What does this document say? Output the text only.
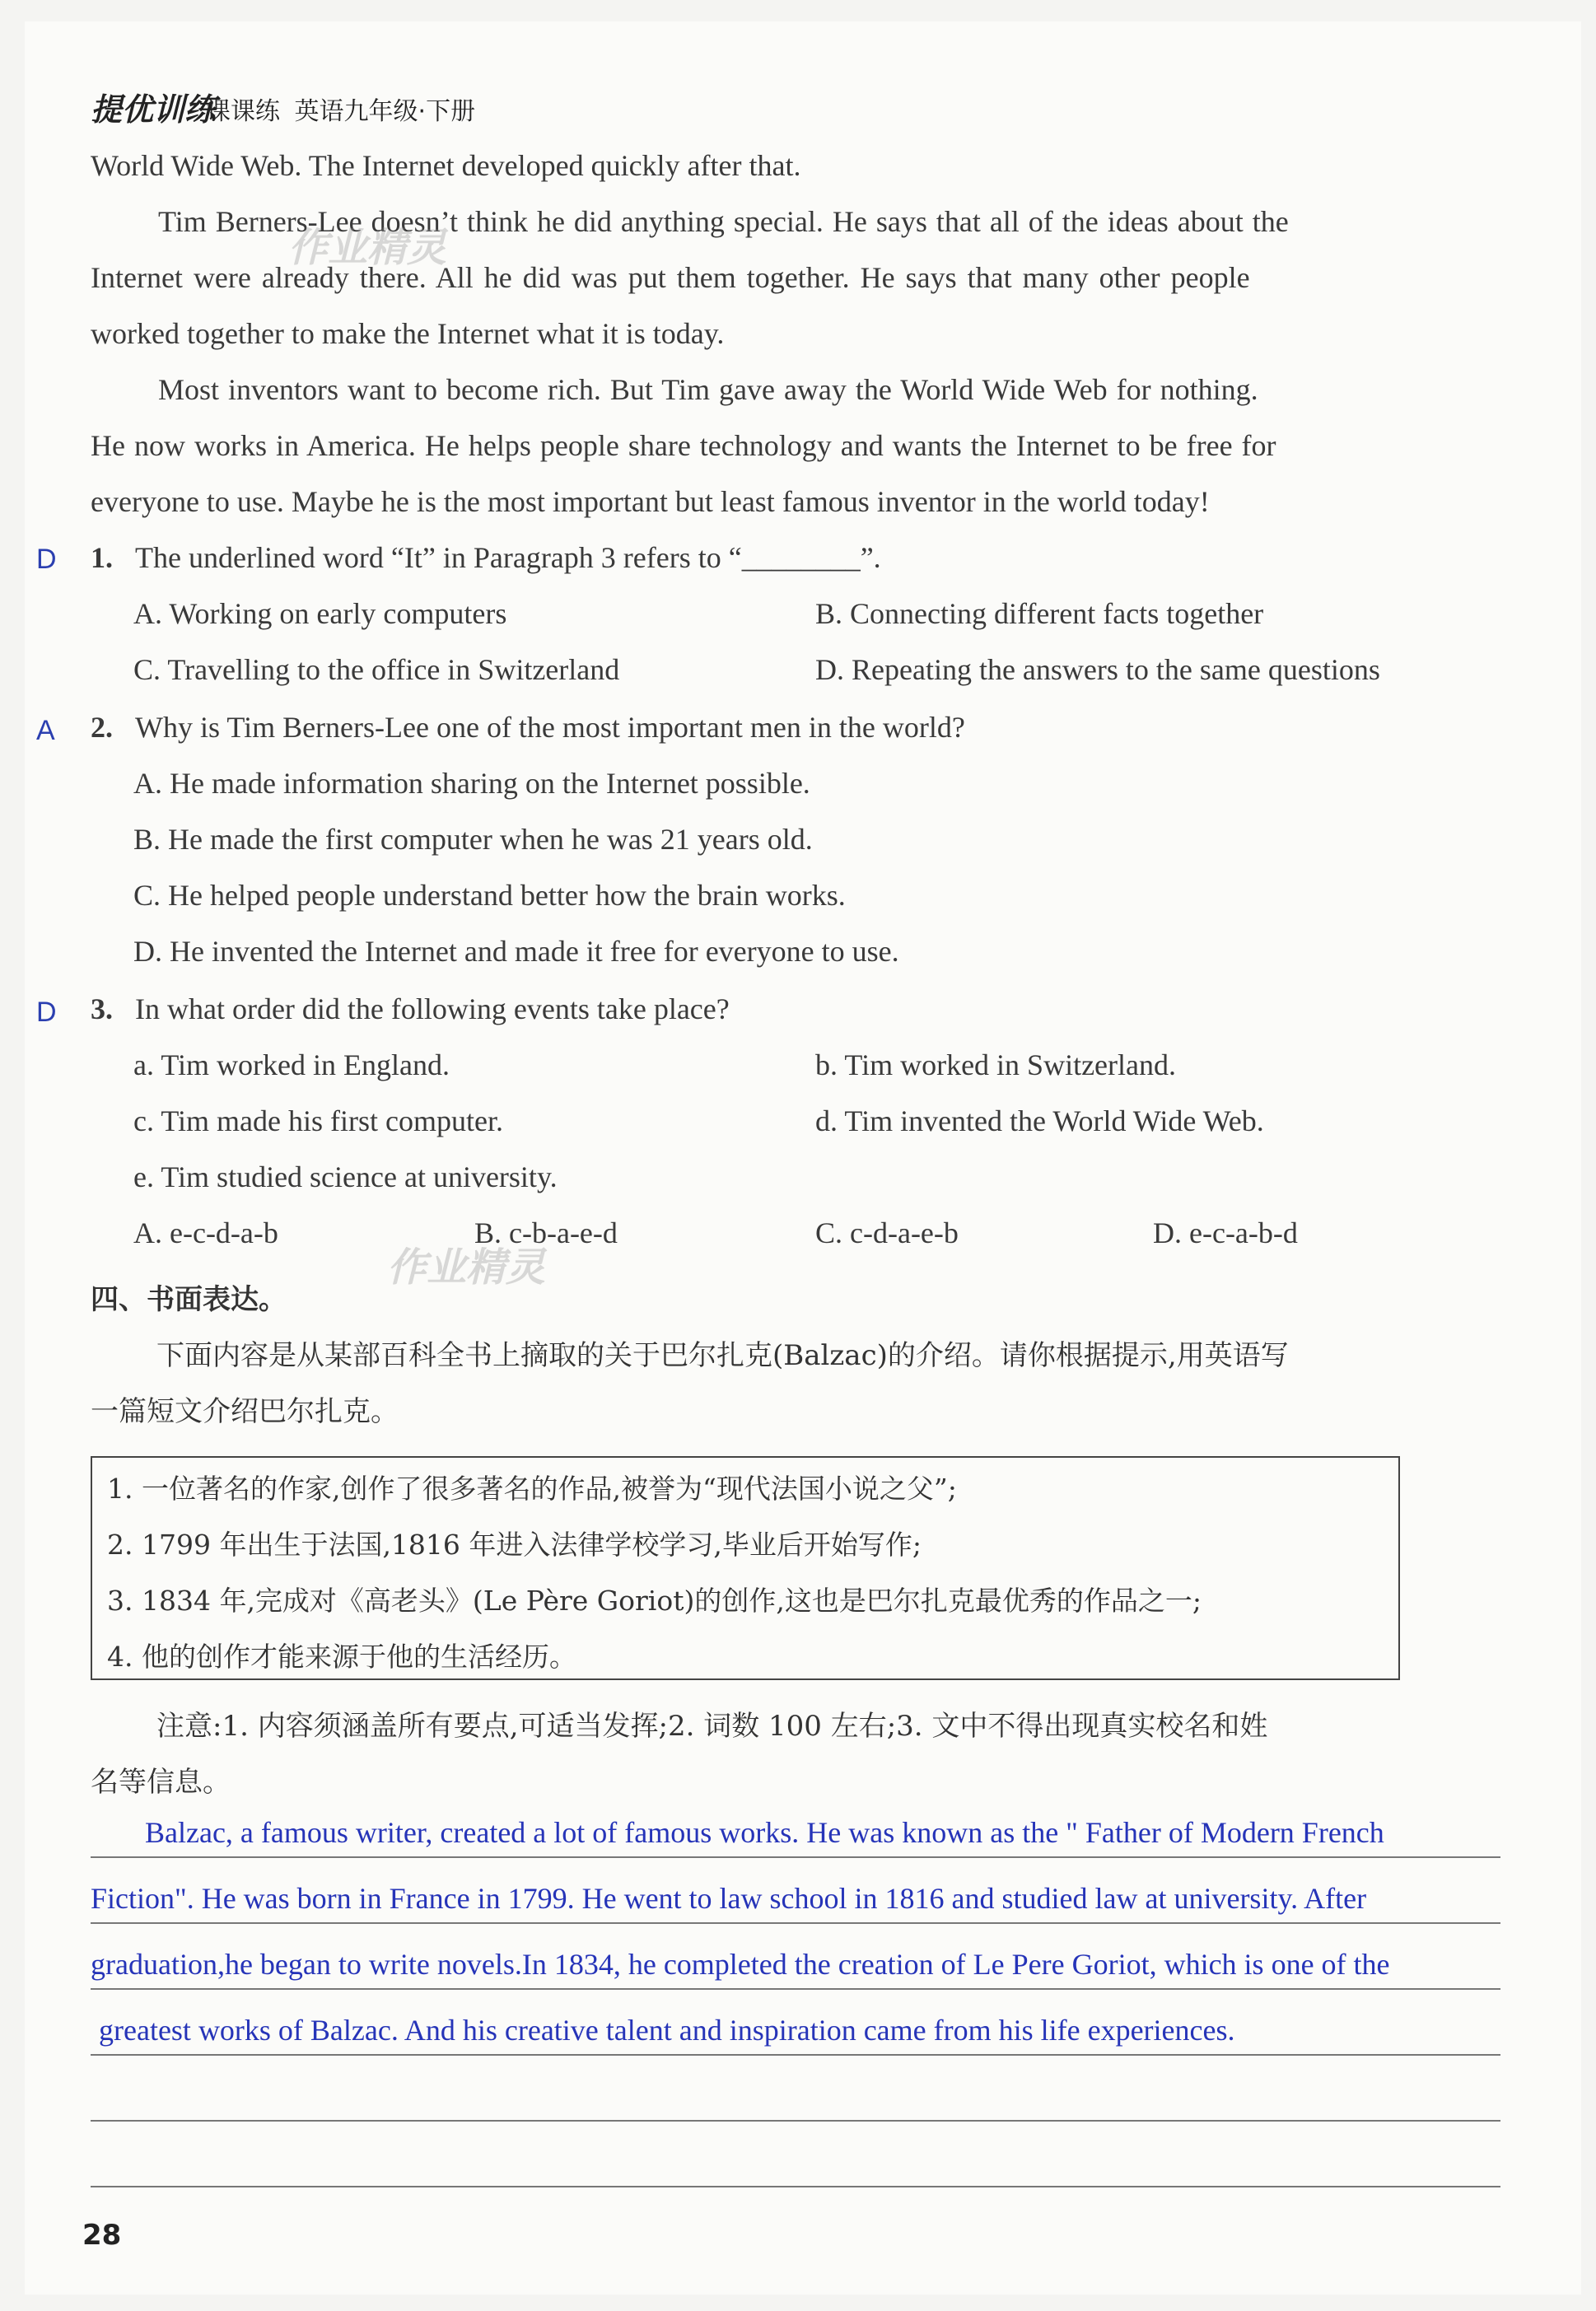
提优训练
课课练 英语九年级·下册
World Wide Web. The Internet developed quickly after that.
Tim Berners-Lee doesn’t think he did anything special. He says that all of the ideas about the
Internet were already there. All he did was put them together. He says that many other people
worked together to make the Internet what it is today.
Most inventors want to become rich. But Tim gave away the World Wide Web for nothing.
He now works in America. He helps people share technology and wants the Internet to be free for
everyone to use. Maybe he is the most important but least famous inventor in the world today!
作业精灵
D 1. The underlined word “It” in Paragraph 3 refers to “________”.
A. Working on early computers	B. Connecting different facts together
C. Travelling to the office in Switzerland	D. Repeating the answers to the same questions
A 2. Why is Tim Berners-Lee one of the most important men in the world?
A. He made information sharing on the Internet possible.
B. He made the first computer when he was 21 years old.
C. He helped people understand better how the brain works.
D. He invented the Internet and made it free for everyone to use.
D 3. In what order did the following events take place?
a. Tim worked in England.	b. Tim worked in Switzerland.
c. Tim made his first computer.	d. Tim invented the World Wide Web.
e. Tim studied science at university.
A. e-c-d-a-b	B. c-b-a-e-d	C. c-d-a-e-b	D. e-c-a-b-d
作业精灵
四、书面表达。
下面内容是从某部百科全书上摘取的关于巴尔扎克(Balzac)的介绍。请你根据提示,用英语写
一篇短文介绍巴尔扎克。
1. 一位著名的作家,创作了很多著名的作品,被誉为“现代法国小说之父”;
2. 1799 年出生于法国,1816 年进入法律学校学习,毕业后开始写作;
3. 1834 年,完成对《高老头》(Le Père Goriot)的创作,这也是巴尔扎克最优秀的作品之一;
4. 他的创作才能来源于他的生活经历。
注意:1. 内容须涵盖所有要点,可适当发挥;2. 词数 100 左右;3. 文中不得出现真实校名和姓
名等信息。
Balzac, a famous writer, created a lot of famous works. He was known as the " Father of Modern French
Fiction". He was born in France in 1799. He went to law school in 1816 and studied law at university. After
graduation,he began to write novels.In 1834, he completed the creation of Le Pere Goriot, which is one of the
greatest works of Balzac. And his creative talent and inspiration came from his life experiences.
28
